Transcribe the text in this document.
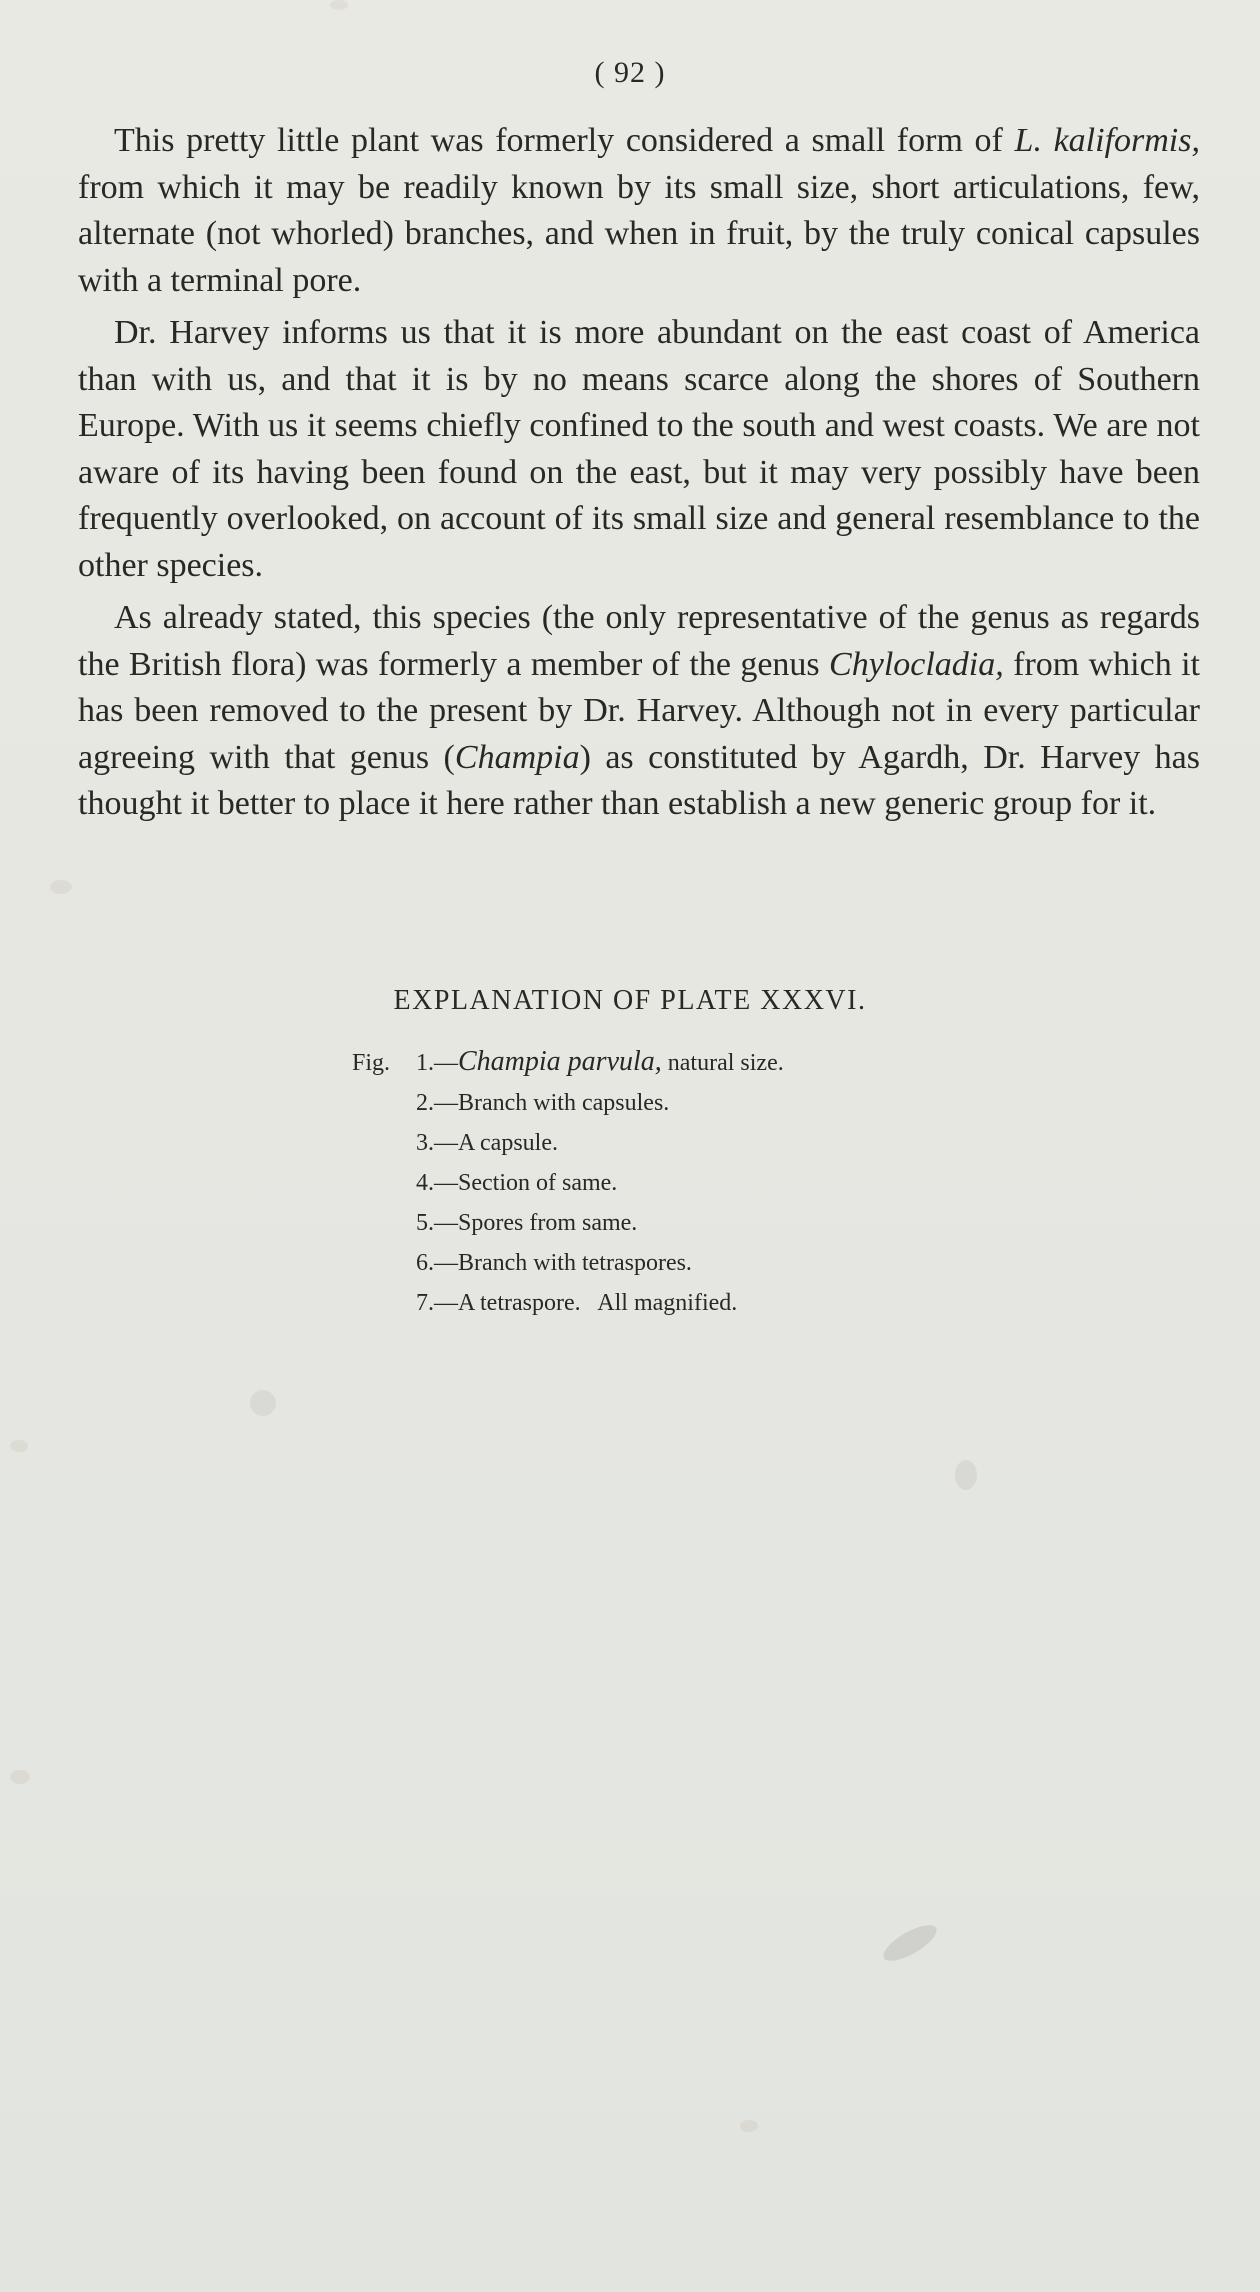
( 92 )

This pretty little plant was formerly considered a small form of L. kaliformis, from which it may be readily known by its small size, short articulations, few, alternate (not whorled) branches, and when in fruit, by the truly conical capsules with a terminal pore.

Dr. Harvey informs us that it is more abundant on the east coast of America than with us, and that it is by no means scarce along the shores of Southern Europe. With us it seems chiefly confined to the south and west coasts. We are not aware of its having been found on the east, but it may very possibly have been frequently overlooked, on account of its small size and general resemblance to the other species.

As already stated, this species (the only representative of the genus as regards the British flora) was formerly a member of the genus Chylocladia, from which it has been removed to the present by Dr. Harvey. Although not in every particular agreeing with that genus (Champia) as constituted by Agardh, Dr. Harvey has thought it better to place it here rather than establish a new generic group for it.

EXPLANATION OF PLATE XXXVI.
Fig. 1.—Champia parvula, natural size.
2.—Branch with capsules.
3.—A capsule.
4.—Section of same.
5.—Spores from same.
6.—Branch with tetraspores.
7.—A tetraspore.   All magnified.
